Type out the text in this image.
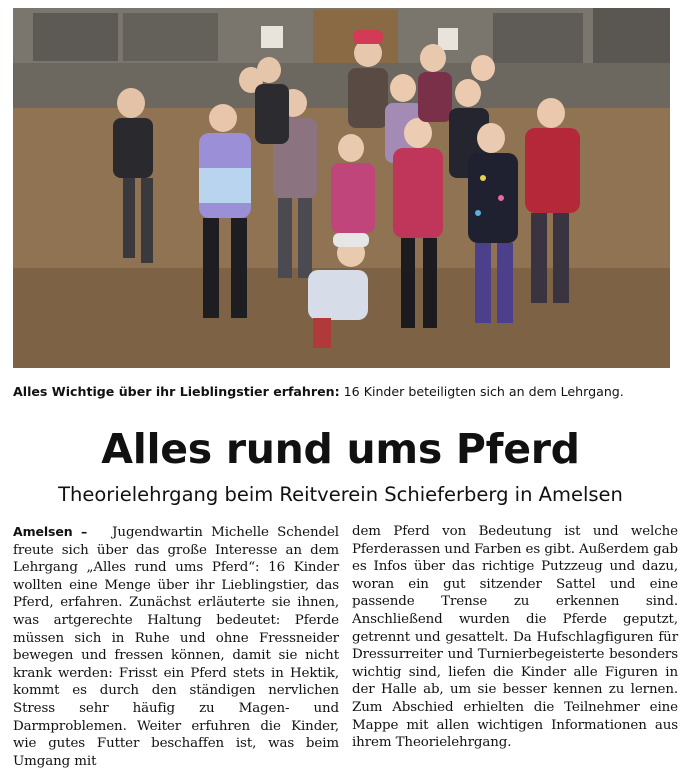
Alles Wichtige über ihr Lieblingstier erfahren: 16 Kinder beteiligten sich an dem Lehrgang.
Alles rund ums Pferd
Theorielehrgang beim Reitverein Schieferberg in Amelsen
Amelsen – Jugendwartin Michelle Schendel freute sich über das große Interesse an dem Lehrgang „Alles rund ums Pferd“: 16 Kinder wollten eine Menge über ihr Lieblingstier, das Pferd, erfahren. Zunächst erläuterte sie ihnen, was artgerechte Haltung bedeutet: Pferde müssen sich in Ruhe und ohne Fressneider bewegen und fressen können, damit sie nicht krank werden: Frisst ein Pferd stets in Hektik, kommt es durch den ständigen nervlichen Stress sehr häufig zu Magen- und Darmproblemen. Weiter erfuhren die Kinder, wie gutes Futter beschaffen ist, was beim Umgang mit
dem Pferd von Bedeutung ist und welche Pferderassen und Farben es gibt. Außerdem gab es Infos über das richtige Putzzeug und dazu, woran ein gut sitzender Sattel und eine passende Trense zu erkennen sind. Anschließend wurden die Pferde geputzt, getrennt und gesattelt. Da Hufschlagfiguren für Dressurreiter und Turnierbegeisterte besonders wichtig sind, liefen die Kinder alle Figuren in der Halle ab, um sie besser kennen zu lernen. Zum Abschied erhielten die Teilnehmer eine Mappe mit allen wichtigen Informationen aus ihrem Theorielehrgang.
